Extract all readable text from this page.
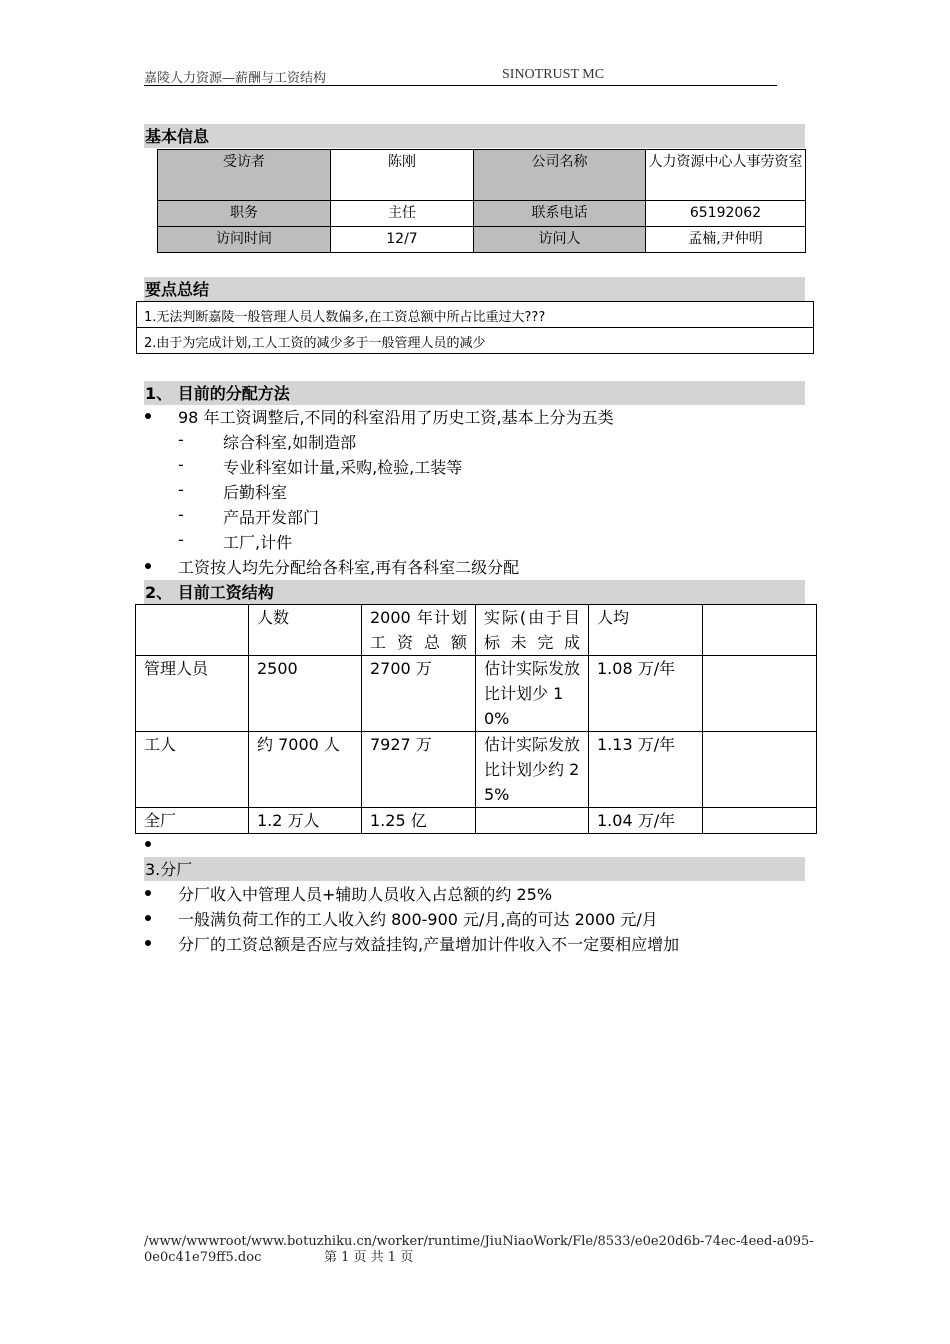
嘉陵人力资源—薪酬与工资结构	SINOTRUST MC
基本信息
受访者	陈刚	公司名称	人力资源中心人事劳资室
职务	主任	联系电话	65192062
访问时间	12/7	访问人	孟楠,尹仲明
要点总结
1.无法判断嘉陵一般管理人员人数偏多,在工资总额中所占比重过大???
2.由于为完成计划,工人工资的减少多于一般管理人员的减少
1、 目前的分配方法
98 年工资调整后,不同的科室沿用了历史工资,基本上分为五类
- 综合科室,如制造部
- 专业科室如计量,采购,检验,工装等
- 后勤科室
- 产品开发部门
- 工厂,计件
工资按人均先分配给各科室,再有各科室二级分配
2、 目前工资结构
	人数	2000 年计划工资总额	实际(由于目标未完成	人均	
管理人员	2500	2700 万	估计实际发放比计划少 10%	1.08 万/年	
工人	约 7000 人	7927 万	估计实际发放比计划少约 25%	1.13 万/年	
全厂	1.2 万人	1.25 亿		1.04 万/年	
3.分厂
分厂收入中管理人员+辅助人员收入占总额的约 25%
一般满负荷工作的工人收入约 800-900 元/月,高的可达 2000 元/月
分厂的工资总额是否应与效益挂钩,产量增加计件收入不一定要相应增加
/www/wwwroot/www.botuzhiku.cn/worker/runtime/JiuNiaoWork/Fle/8533/e0e20d6b-74ec-4eed-a095-
0e0c41e79ff5.doc	第 1 页 共 1 页
